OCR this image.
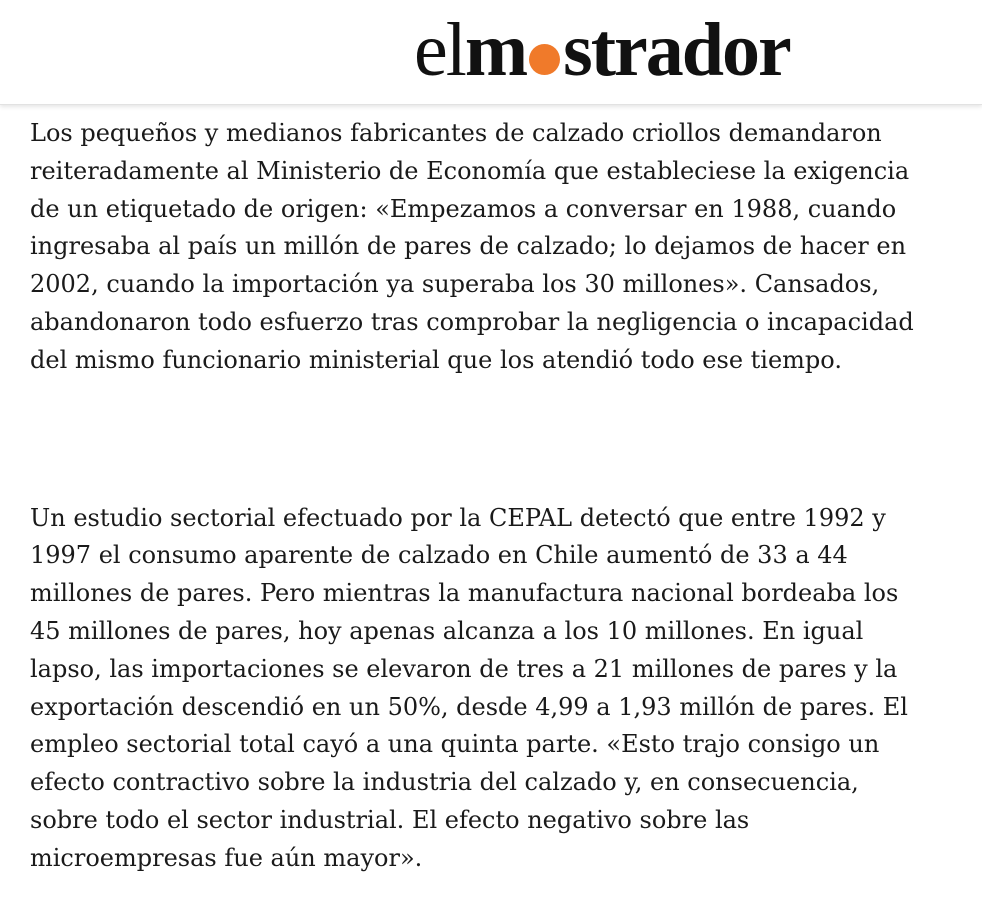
el m strador

Los pequeños y medianos fabricantes de calzado criollos demandaron reiteradamente al Ministerio de Economía que estableciese la exigencia de un etiquetado de origen: «Empezamos a conversar en 1988, cuando ingresaba al país un millón de pares de calzado; lo dejamos de hacer en 2002, cuando la importación ya superaba los 30 millones». Cansados, abandonaron todo esfuerzo tras comprobar la negligencia o incapacidad del mismo funcionario ministerial que los atendió todo ese tiempo.

Un estudio sectorial efectuado por la CEPAL detectó que entre 1992 y 1997 el consumo aparente de calzado en Chile aumentó de 33 a 44 millones de pares. Pero mientras la manufactura nacional bordeaba los 45 millones de pares, hoy apenas alcanza a los 10 millones. En igual lapso, las importaciones se elevaron de tres a 21 millones de pares y la exportación descendió en un 50%, desde 4,99 a 1,93 millón de pares. El empleo sectorial total cayó a una quinta parte. «Esto trajo consigo un efecto contractivo sobre la industria del calzado y, en consecuencia, sobre todo el sector industrial. El efecto negativo sobre las microempresas fue aún mayor».
